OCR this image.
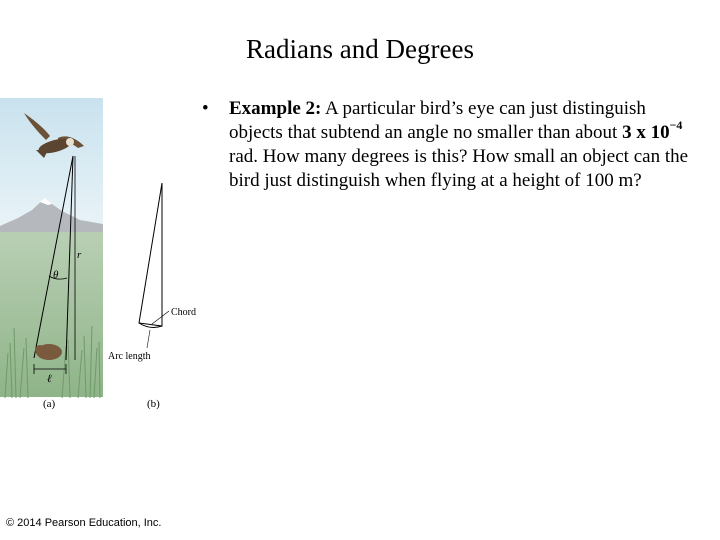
Radians and Degrees
•	Example 2: A particular bird’s eye can just distinguish objects that subtend an angle no smaller than about 3 x $10^{-4}$ rad. How many degrees is this? How small an object can the bird just distinguish when flying at a height of 100 m?
θ
r
ℓ
Chord
Arc length
(a)	(b)
© 2014 Pearson Education, Inc.
